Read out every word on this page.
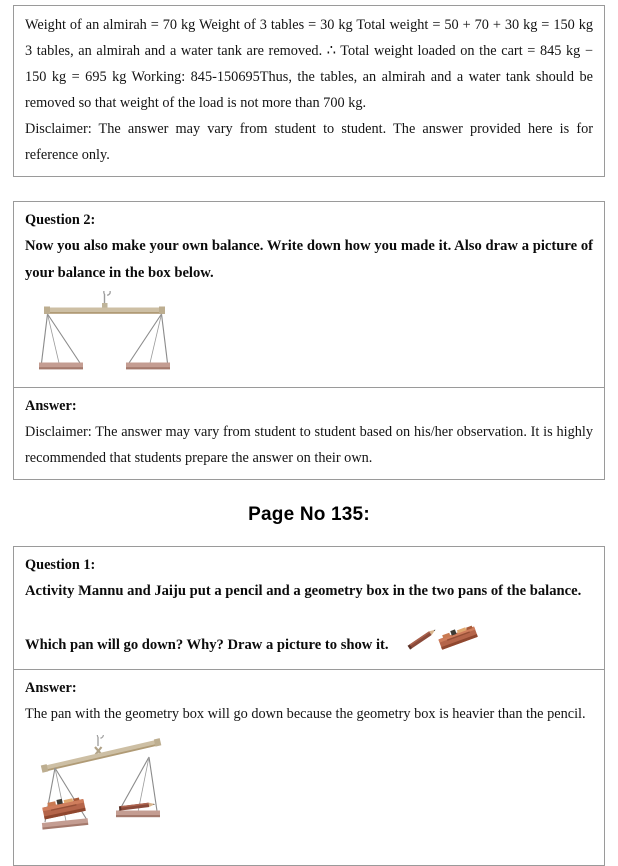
Weight of an almirah = 70 kg Weight of 3 tables = 30 kg Total weight = 50 + 70 + 30 kg = 150 kg 3 tables, an almirah and a water tank are removed. ∴ Total weight loaded on the cart = 845 kg − 150 kg = 695 kg Working: 845-150695Thus, the tables, an almirah and a water tank should be removed so that weight of the load is not more than 700 kg.

Disclaimer: The answer may vary from student to student. The answer provided here is for reference only.

Question 2:

Now you also make your own balance. Write down how you made it. Also draw a picture of your balance in the box below.

Answer:

Disclaimer: The answer may vary from student to student based on his/her observation. It is highly recommended that students prepare the answer on their own.

Page No 135:

Question 1:

Activity Mannu and Jaiju put a pencil and a geometry box in the two pans of the balance.

Which pan will go down? Why? Draw a picture to show it.

Answer:

The pan with the geometry box will go down because the geometry box is heavier than the pencil.
